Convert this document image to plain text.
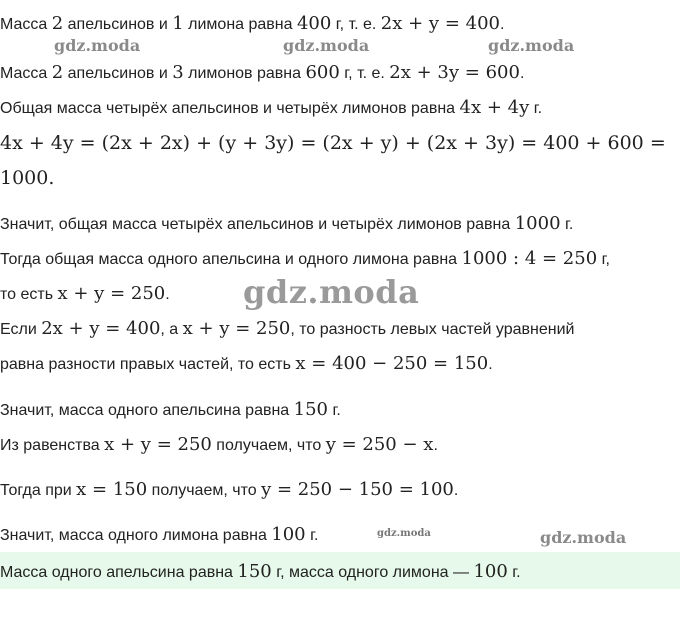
Масса 2 апельсинов и 1 лимона равна 400 г, т. е. 2x + y = 400.
Масса 2 апельсинов и 3 лимонов равна 600 г, т. е. 2x + 3y = 600.
Общая масса четырёх апельсинов и четырёх лимонов равна 4x + 4y г.
4x + 4y = (2x + 2x) + (y + 3y) = (2x + y) + (2x + 3y) = 400 + 600 =
1000.
Значит, общая масса четырёх апельсинов и четырёх лимонов равна 1000 г.
Тогда общая масса одного апельсина и одного лимона равна 1000 : 4 = 250 г,
то есть x + y = 250.
Если 2x + y = 400, а x + y = 250, то разность левых частей уравнений
равна разности правых частей, то есть x = 400 − 250 = 150.
Значит, масса одного апельсина равна 150 г.
Из равенства x + y = 250 получаем, что y = 250 − x.
Тогда при x = 150 получаем, что y = 250 − 150 = 100.
Значит, масса одного лимона равна 100 г.
Масса одного апельсина равна 150 г, масса одного лимона — 100 г.
gdz.moda	gdz.moda	gdz.moda
gdz.moda
gdz.moda	gdz.moda
